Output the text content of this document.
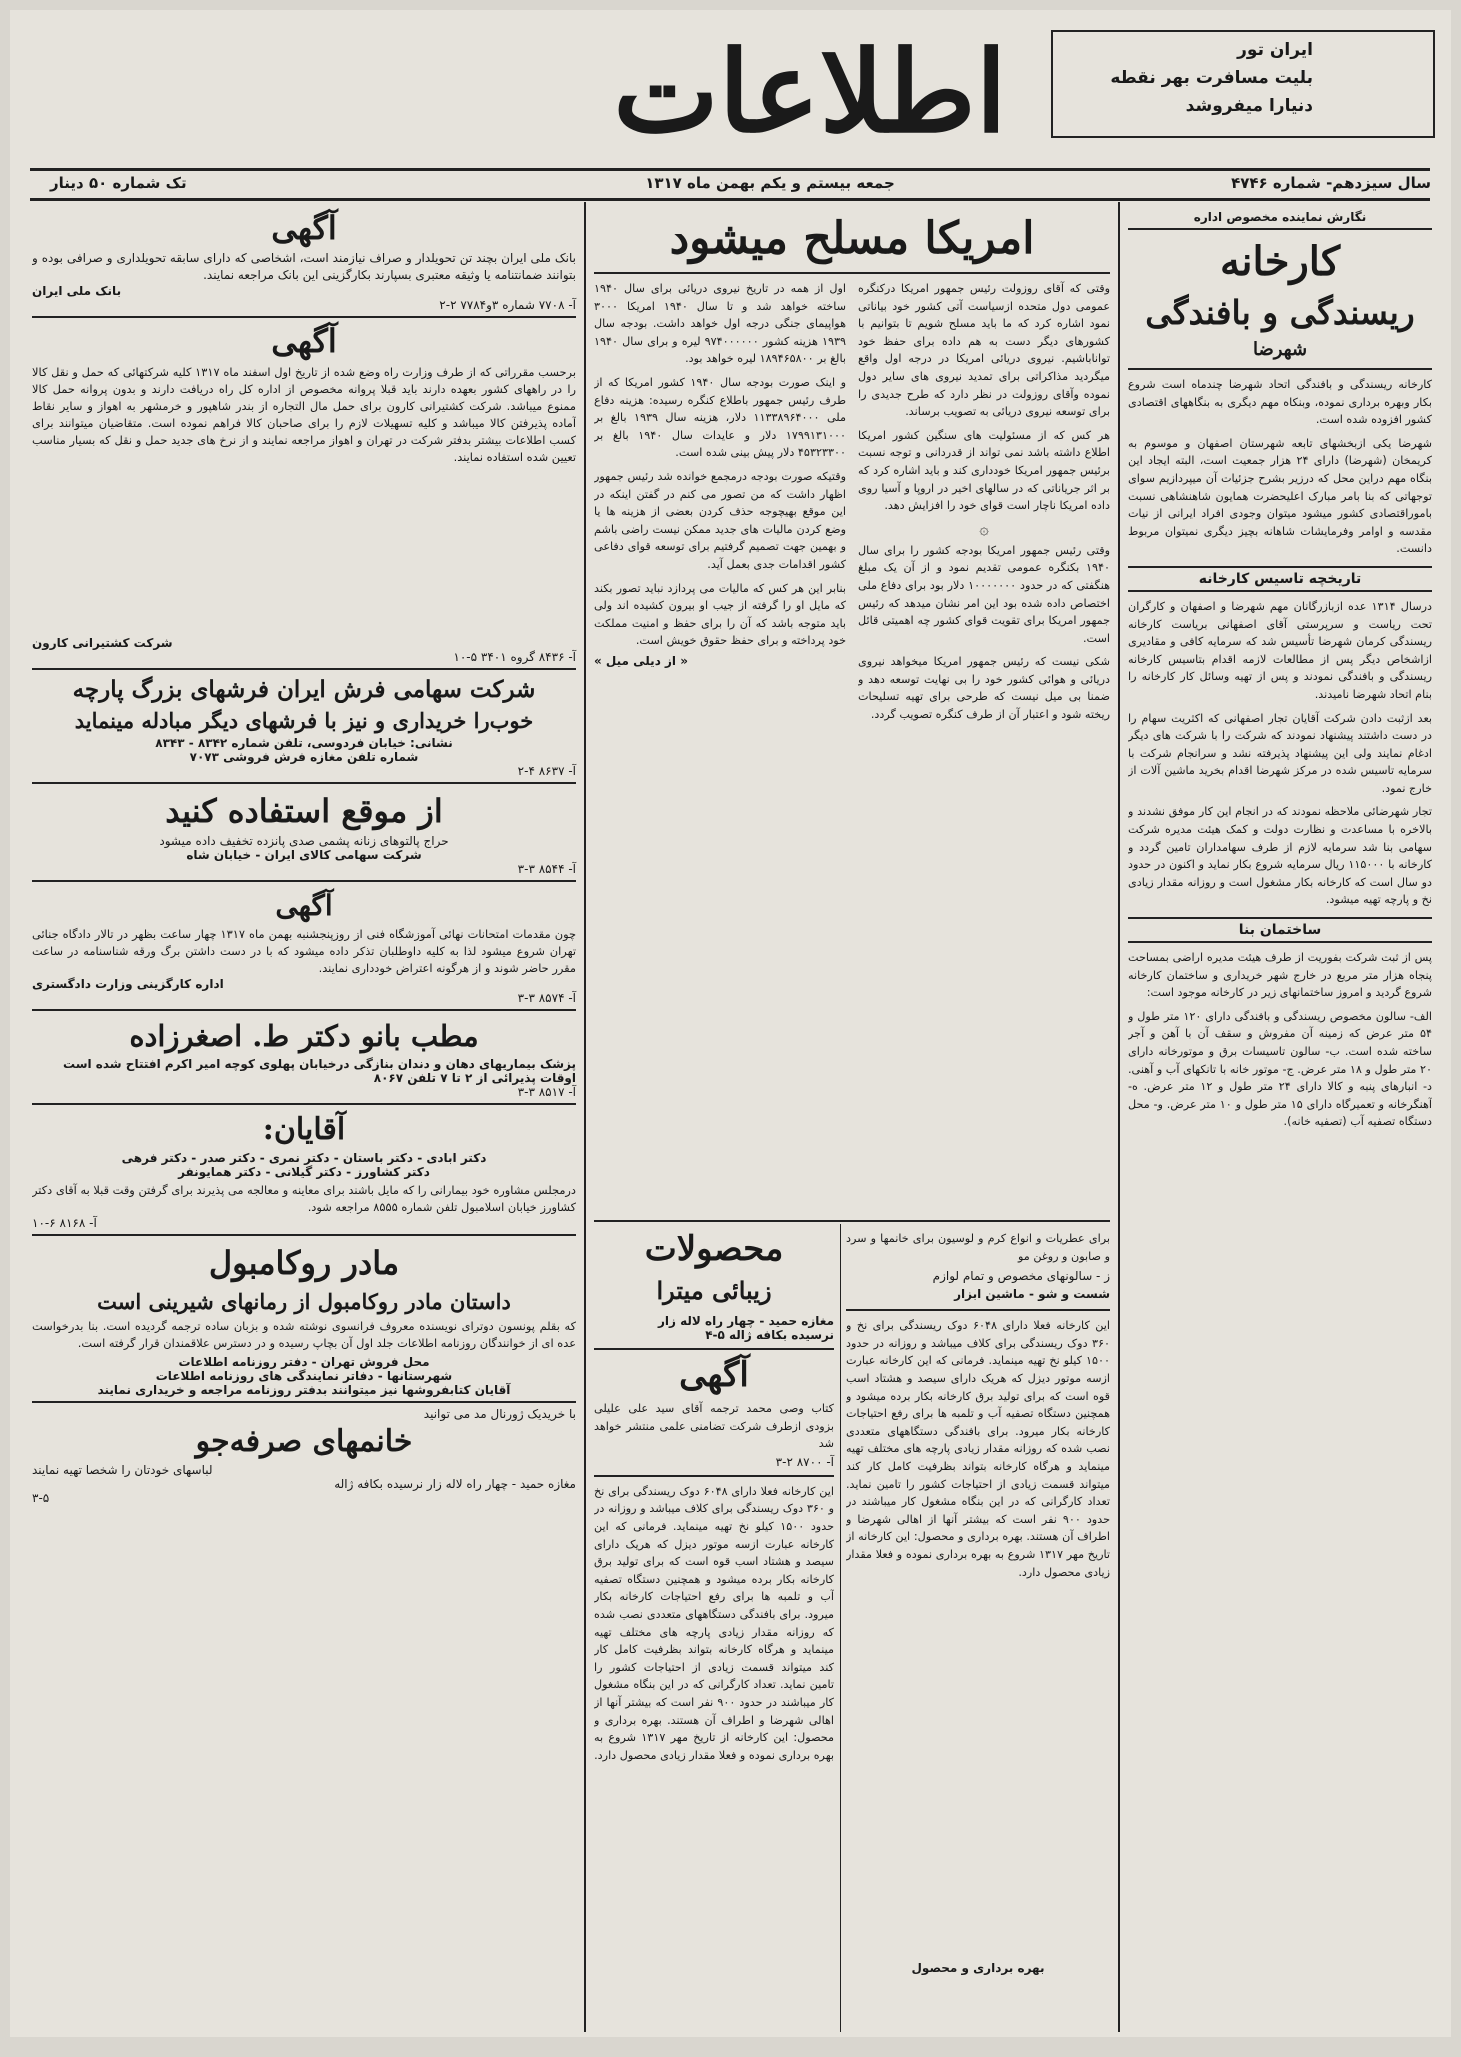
ایران تور
بلیت مسافرت بهر نقطه
دنیارا میفروشد
اطلاعات
سال سیزدهم- شماره ۴۷۴۶
جمعه بیستم و یکم بهمن ماه ۱۳۱۷
تک شماره ۵۰ دینار
نگارش نماینده مخصوص اداره
کارخانه
ریسندگی و بافندگی
شهرضا

کارخانه ریسندگی و بافندگی اتحاد شهرضا چندماه است شروع بکار وبهره برداری نموده، وبنکاه مهم دیگری به بنگاههای اقتصادی کشور افزوده شده است.

شهرضا یکی ازبخشهای تابعه شهرستان اصفهان و موسوم به کریمخان (شهرضا) دارای ۲۴ هزار جمعیت است، البته ایجاد این بنگاه مهم دراین محل که درزیر بشرح جزئیات آن میپردازیم سوای توجهاتی که بنا بامر مبارک اعلیحضرت همایون شاهنشاهی نسبت باموراقتصادی کشور میشود میتوان وجودی افراد ایرانی از نیات مقدسه و اوامر وفرمایشات شاهانه بچیز دیگری نمیتوان مربوط دانست.

تاریخچه تاسیس کارخانه

درسال ۱۳۱۴ عده ازبازرگانان مهم شهرضا و اصفهان و کارگران تحت ریاست و سرپرستی آقای اصفهانی بریاست کارخانه ریسندگی کرمان شهرضا تأسیس شد که سرمایه کافی و مقادیری ازاشخاص دیگر پس از مطالعات لازمه اقدام بتاسیس کارخانه ریسندگی و بافندگی نمودند و پس از تهیه وسائل کار کارخانه را بنام اتحاد شهرضا نامیدند.

بعد ازثبت دادن شرکت آقایان تجار اصفهانی که اکثریت سهام را در دست داشتند پیشنهاد نمودند که شرکت را با شرکت های دیگر ادغام نمایند ولی این پیشنهاد پذیرفته نشد و سرانجام شرکت با سرمایه تاسیس شده در مرکز شهرضا اقدام بخرید ماشین آلات از خارج نمود.

تجار شهرضائی ملاحظه نمودند که در انجام این کار موفق نشدند و بالاخره با مساعدت و نظارت دولت و کمک هیئت مدیره شرکت سهامی بنا شد سرمایه لازم از طرف سهامداران تامین گردد و کارخانه با ۱۱۵۰۰۰ ریال سرمایه شروع بکار نماید و اکنون در حدود دو سال است که کارخانه بکار مشغول است و روزانه مقدار زیادی نخ و پارچه تهیه میشود.

ساختمان بنا

پس از ثبت شرکت بفوریت از طرف هیئت مدیره اراضی بمساحت پنجاه هزار متر مربع در خارج شهر خریداری و ساختمان کارخانه شروع گردید و امروز ساختمانهای زیر در کارخانه موجود است:

الف- سالون مخصوص ریسندگی و بافندگی دارای ۱۲۰ متر طول و ۵۴ متر عرض که زمینه آن مفروش و سقف آن با آهن و آجر ساخته شده است. ب- سالون تاسیسات برق و موتورخانه دارای ۲۰ متر طول و ۱۸ متر عرض. ج- موتور خانه با تانکهای آب و آهنی. د- انبارهای پنبه و کالا دارای ۲۴ متر طول و ۱۲ متر عرض. ه- آهنگرخانه و تعمیرگاه دارای ۱۵ متر طول و ۱۰ متر عرض. و- محل دستگاه تصفیه آب (تصفیه خانه).

امریکا مسلح میشود

وقتی که آقای روزولت رئیس جمهور امریکا درکنگره عمومی دول متحده ازسیاست آتی کشور خود بیاناتی نمود اشاره کرد که ما باید مسلح شویم تا بتوانیم با کشورهای دیگر دست به هم داده برای حفظ خود تواناباشیم. نیروی دریائی امریکا در درجه اول واقع میگردید مذاکراتی برای تمدید نیروی های سایر دول نموده وآقای روزولت در نظر دارد که طرح جدیدی را برای توسعه نیروی دریائی به تصویب برساند.

هر کس که از مسئولیت های سنگین کشور امریکا اطلاع داشته باشد نمی تواند از قدردانی و توجه نسبت برئیس جمهور امریکا خودداری کند و باید اشاره کرد که بر اثر جریاناتی که در سالهای اخیر در اروپا و آسیا روی داده امریکا ناچار است قوای خود را افزایش دهد.

۞

وقتی رئیس جمهور امریکا بودجه کشور را برای سال ۱۹۴۰ بکنگره عمومی تقدیم نمود و از آن یک مبلغ هنگفتی که در حدود ۱۰۰۰۰۰۰۰ دلار بود برای دفاع ملی اختصاص داده شده بود این امر نشان میدهد که رئیس جمهور امریکا برای تقویت قوای کشور چه اهمیتی قائل است.

شکی نیست که رئیس جمهور امریکا میخواهد نیروی دریائی و هوائی کشور خود را بی نهایت توسعه دهد و ضمنا بی میل نیست که طرحی برای تهیه تسلیحات ریخته شود و اعتبار آن از طرف کنگره تصویب گردد.

اول از همه در تاریخ نیروی دریائی برای سال ۱۹۴۰ ساخته خواهد شد و تا سال ۱۹۴۰ امریکا ۳۰۰۰ هواپیمای جنگی درجه اول خواهد داشت. بودجه سال ۱۹۳۹ هزینه کشور ۹۷۴۰۰۰۰۰۰ لیره و برای سال ۱۹۴۰ بالغ بر ۱۸۹۴۶۵۸۰۰ لیره خواهد بود.

و اینک صورت بودجه سال ۱۹۴۰ کشور امریکا که از طرف رئیس جمهور باطلاع کنگره رسیده: هزینه دفاع ملی ۱۱۳۳۸۹۶۴۰۰۰ دلار، هزینه سال ۱۹۳۹ بالغ بر ۱۷۹۹۱۳۱۰۰۰ دلار و عایدات سال ۱۹۴۰ بالغ بر ۴۵۳۲۳۳۰۰ دلار پیش بینی شده است.

وقتیکه صورت بودجه درمجمع خوانده شد رئیس جمهور اظهار داشت که من تصور می کنم در گفتن اینکه در این موقع بهیچوجه حذف کردن بعضی از هزینه ها یا وضع کردن مالیات های جدید ممکن نیست راضی باشم و بهمین جهت تصمیم گرفتیم برای توسعه قوای دفاعی کشور اقدامات جدی بعمل آید.

بنابر این هر کس که مالیات می پردازد نباید تصور بکند که مایل او را گرفته از جیب او بیرون کشیده اند ولی باید متوجه باشد که آن را برای حفظ و امنیت مملکت خود پرداخته و برای حفظ حقوق خویش است.

« از دیلی میل »
محصولات
زیبائی میترا
مغازه حمید - چهار راه لاله زار
نرسیده بکافه ژاله ۵-۴
آگهی

کتاب وصی محمد ترجمه آقای سید علی علیلی بزودی ازطرف شرکت تضامنی علمی منتشر خواهد شد

آ- ۸۷۰۰ ۲-۳

این کارخانه فعلا دارای ۶۰۴۸ دوک ریسندگی برای نخ و ۳۶۰ دوک ریسندگی برای کلاف میباشد و روزانه در حدود ۱۵۰۰ کیلو نخ تهیه مینماید. فرمانی که این کارخانه عبارت ازسه موتور دیزل که هریک دارای سیصد و هشتاد اسب قوه است که برای تولید برق کارخانه بکار برده میشود و همچنین دستگاه تصفیه آب و تلمبه ها برای رفع احتیاجات کارخانه بکار میرود. برای بافندگی دستگاههای متعددی نصب شده که روزانه مقدار زیادی پارچه های مختلف تهیه مینماید و هرگاه کارخانه بتواند بظرفیت کامل کار کند میتواند قسمت زیادی از احتیاجات کشور را تامین نماید. تعداد کارگرانی که در این بنگاه مشغول کار میباشند در حدود ۹۰۰ نفر است که بیشتر آنها از اهالی شهرضا و اطراف آن هستند. بهره برداری و محصول: این کارخانه از تاریخ مهر ۱۳۱۷ شروع به بهره برداری نموده و فعلا مقدار زیادی محصول دارد.

برای عطریات و انواع کرم و لوسیون برای خانمها و سرد و صابون و روغن مو

ز - سالونهای مخصوص و تمام لوازم
شست و شو - ماشین ابزار

این کارخانه فعلا دارای ۶۰۴۸ دوک ریسندگی برای نخ و ۳۶۰ دوک ریسندگی برای کلاف میباشد و روزانه در حدود ۱۵۰۰ کیلو نخ تهیه مینماید. فرمانی که این کارخانه عبارت ازسه موتور دیزل که هریک دارای سیصد و هشتاد اسب قوه است که برای تولید برق کارخانه بکار برده میشود و همچنین دستگاه تصفیه آب و تلمبه ها برای رفع احتیاجات کارخانه بکار میرود. برای بافندگی دستگاههای متعددی نصب شده که روزانه مقدار زیادی پارچه های مختلف تهیه مینماید و هرگاه کارخانه بتواند بظرفیت کامل کار کند میتواند قسمت زیادی از احتیاجات کشور را تامین نماید. تعداد کارگرانی که در این بنگاه مشغول کار میباشند در حدود ۹۰۰ نفر است که بیشتر آنها از اهالی شهرضا و اطراف آن هستند. بهره برداری و محصول: این کارخانه از تاریخ مهر ۱۳۱۷ شروع به بهره برداری نموده و فعلا مقدار زیادی محصول دارد.

بهره برداری و محصول
آگهی

بانک ملی ایران بچند تن تحویلدار و صراف نیازمند است، اشخاصی که دارای سابقه تحویلداری و صرافی بوده و بتوانند ضمانتنامه یا وثیقه معتبری بسپارند بکارگزینی این بانک مراجعه نمایند.

بانک ملی ایران
آ- ۷۷۰۸ شماره ۳و۷۷۸۴ ۲-۲
آگهی

برحسب مقرراتی که از طرف وزارت راه وضع شده از تاریخ اول اسفند ماه ۱۳۱۷ کلیه شرکتهائی که حمل و نقل کالا را در راههای کشور بعهده دارند باید قبلا پروانه مخصوص از اداره کل راه دریافت دارند و بدون پروانه حمل کالا ممنوع میباشد. شرکت کشتیرانی کارون برای حمل مال التجاره از بندر شاهپور و خرمشهر به اهواز و سایر نقاط آماده پذیرفتن کالا میباشد و کلیه تسهیلات لازم را برای صاحبان کالا فراهم نموده است. متقاضیان میتوانند برای کسب اطلاعات بیشتر بدفتر شرکت در تهران و اهواز مراجعه نمایند و از نرخ های جدید حمل و نقل که بسیار مناسب تعیین شده استفاده نمایند.

شرکت کشتیرانی کارون
آ- ۸۴۳۶ گروه ۳۴۰۱ ۵-۱۰
شرکت سهامی فرش ایران فرشهای بزرگ پارچه
خوب‌را خریداری و نیز با فرشهای دیگر مبادله مینماید
نشانی: خیابان فردوسی، تلفن شماره ۸۳۴۲ - ۸۳۴۳
شماره تلفن مغازه فرش فروشی ۷۰۷۳
آ- ۸۶۳۷ ۴-۲
از موقع استفاده کنید
حراج پالتوهای زنانه پشمی صدی پانزده تخفیف داده میشود
شرکت سهامی کالای ایران - خیابان شاه
آ- ۸۵۴۴ ۳-۳
آگهی

چون مقدمات امتحانات نهائی آموزشگاه فنی از روزپنجشنبه بهمن ماه ۱۳۱۷ چهار ساعت بظهر در تالار دادگاه جنائی تهران شروع میشود لذا به کلیه داوطلبان تذکر داده میشود که با در دست داشتن برگ ورقه شناسنامه در ساعت مقرر حاضر شوند و از هرگونه اعتراض خودداری نمایند.

اداره کارگزینی وزارت دادگستری
آ- ۸۵۷۴ ۳-۳
مطب بانو دکتر ط. اصغرزاده
پزشک بیماریهای دهان و دندان بنازگی درخیابان پهلوی کوچه امیر اکرم افتتاح شده است
اوقات پذیرائی از ۲ تا ۷ تلفن ۸۰۶۷
آ- ۸۵۱۷ ۳-۳
آقایان:
دکتر ابادی - دکتر باستان - دکتر نمری - دکتر صدر - دکتر فرهی
دکتر کشاورز - دکتر گیلانی - دکتر همایونفر

درمجلس مشاوره خود بیمارانی را که مایل باشند برای معاینه و معالجه می پذیرند برای گرفتن وقت قبلا به آقای دکتر کشاورز خیابان اسلامبول تلفن شماره ۸۵۵۵ مراجعه شود.

آ- ۸۱۶۸ ۶-۱۰
مادر روکامبول
داستان مادر روکامبول از رمانهای شیرینی است

که بقلم پونسون دوترای نویسنده معروف فرانسوی نوشته شده و بزبان ساده ترجمه گردیده است. بنا بدرخواست عده ای از خوانندگان روزنامه اطلاعات جلد اول آن بچاپ رسیده و در دسترس علاقمندان قرار گرفته است.

محل فروش تهران - دفتر روزنامه اطلاعات
شهرستانها - دفاتر نمایندگی های روزنامه اطلاعات
آقایان کتابفروشها نیز میتوانند بدفتر روزنامه مراجعه و خریداری نمایند
با خریدیک ژورنال مد می توانید
خانمهای صرفه‌جو
لباسهای خودتان را شخصا تهیه نمایند
مغازه حمید - چهار راه لاله زار نرسیده بکافه ژاله
۳-۵
